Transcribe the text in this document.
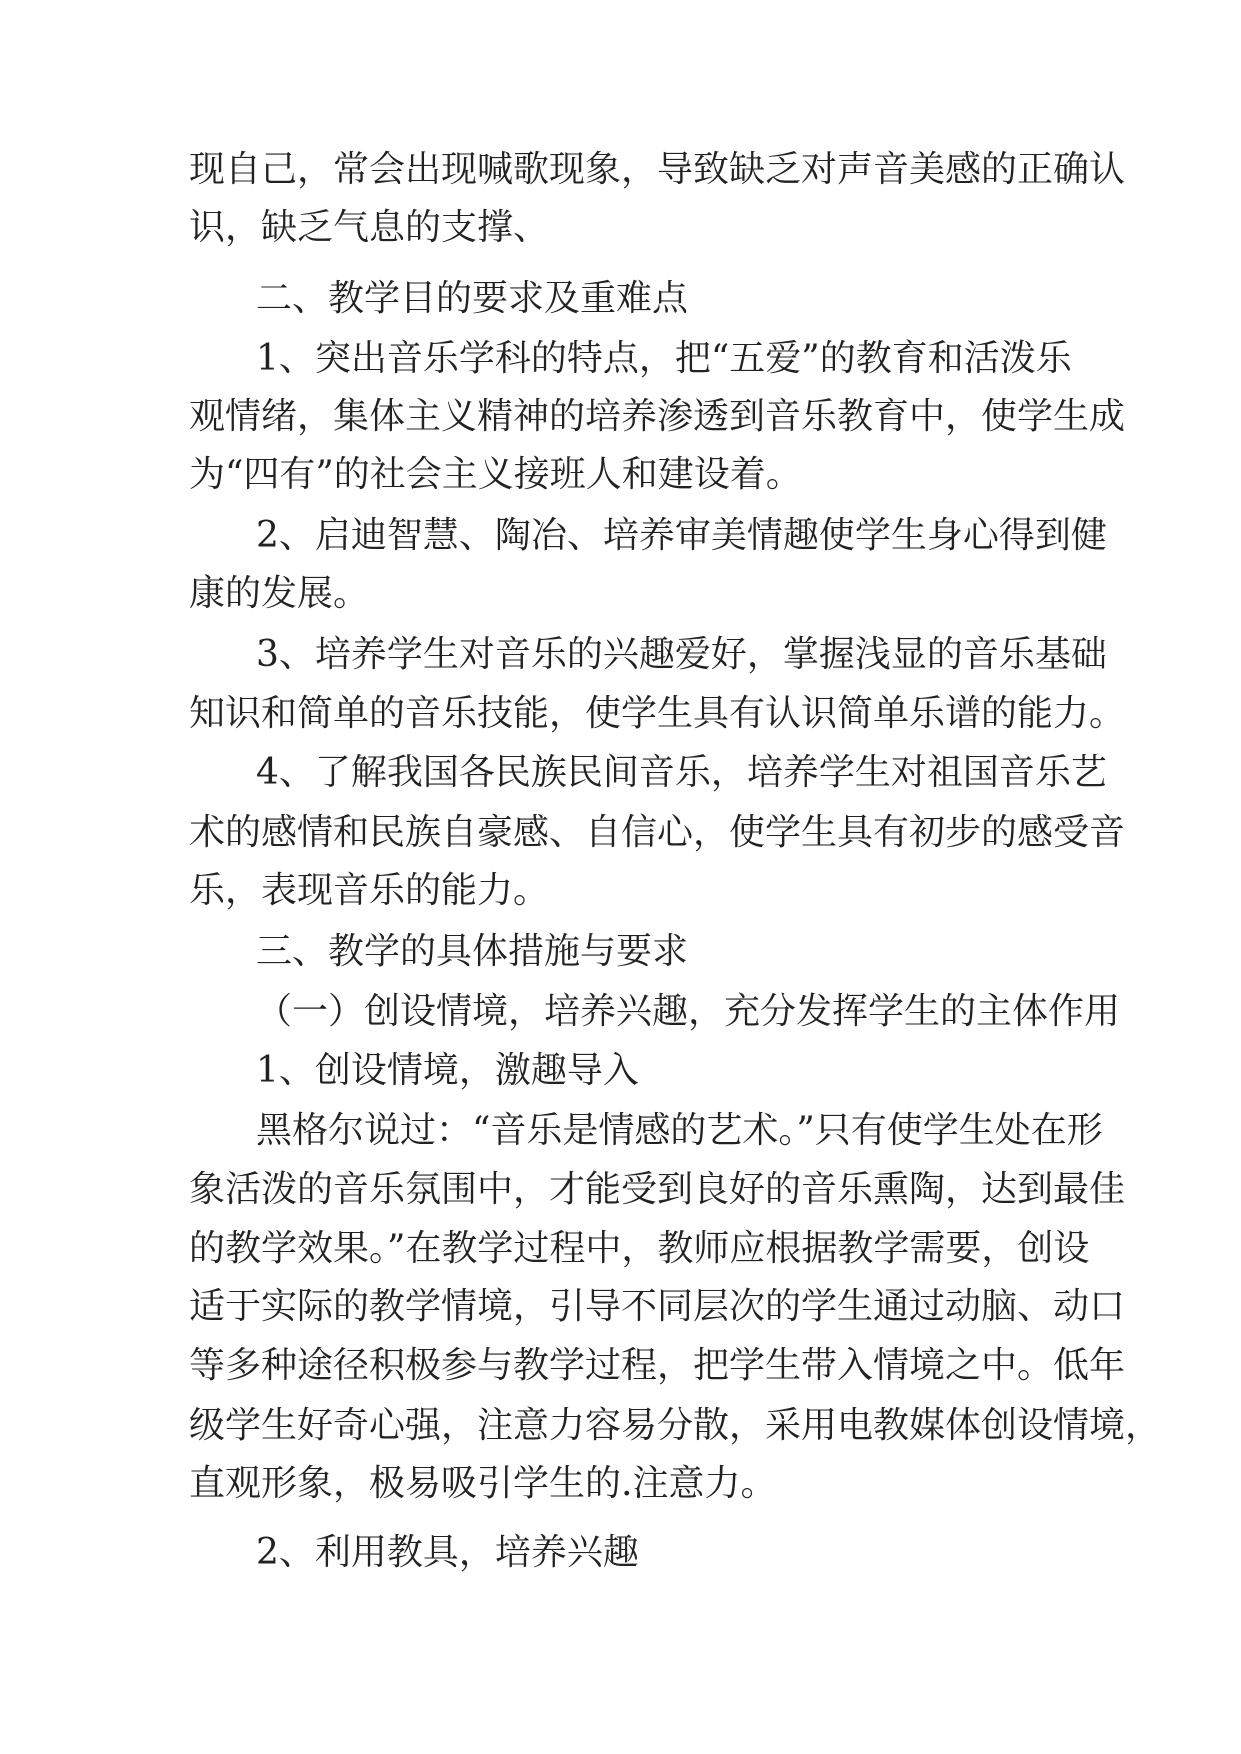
现自己，常会出现喊歌现象，导致缺乏对声音美感的正确认
识，缺乏气息的支撑、
二、教学目的要求及重难点
1、突出音乐学科的特点，把“五爱”的教育和活泼乐
观情绪，集体主义精神的培养渗透到音乐教育中，使学生成
为“四有”的社会主义接班人和建设着。
2、启迪智慧、陶冶、培养审美情趣使学生身心得到健
康的发展。
3、培养学生对音乐的兴趣爱好，掌握浅显的音乐基础
知识和简单的音乐技能，使学生具有认识简单乐谱的能力。
4、了解我国各民族民间音乐，培养学生对祖国音乐艺
术的感情和民族自豪感、自信心，使学生具有初步的感受音
乐，表现音乐的能力。
三、教学的具体措施与要求
（一）创设情境，培养兴趣，充分发挥学生的主体作用
1、创设情境，激趣导入
黑格尔说过：“音乐是情感的艺术。”只有使学生处在形
象活泼的音乐氛围中，才能受到良好的音乐熏陶，达到最佳
的教学效果。”在教学过程中，教师应根据教学需要，创设
适于实际的教学情境，引导不同层次的学生通过动脑、动口
等多种途径积极参与教学过程，把学生带入情境之中。低年
级学生好奇心强，注意力容易分散，采用电教媒体创设情境，
直观形象，极易吸引学生的.注意力。
2、利用教具，培养兴趣
